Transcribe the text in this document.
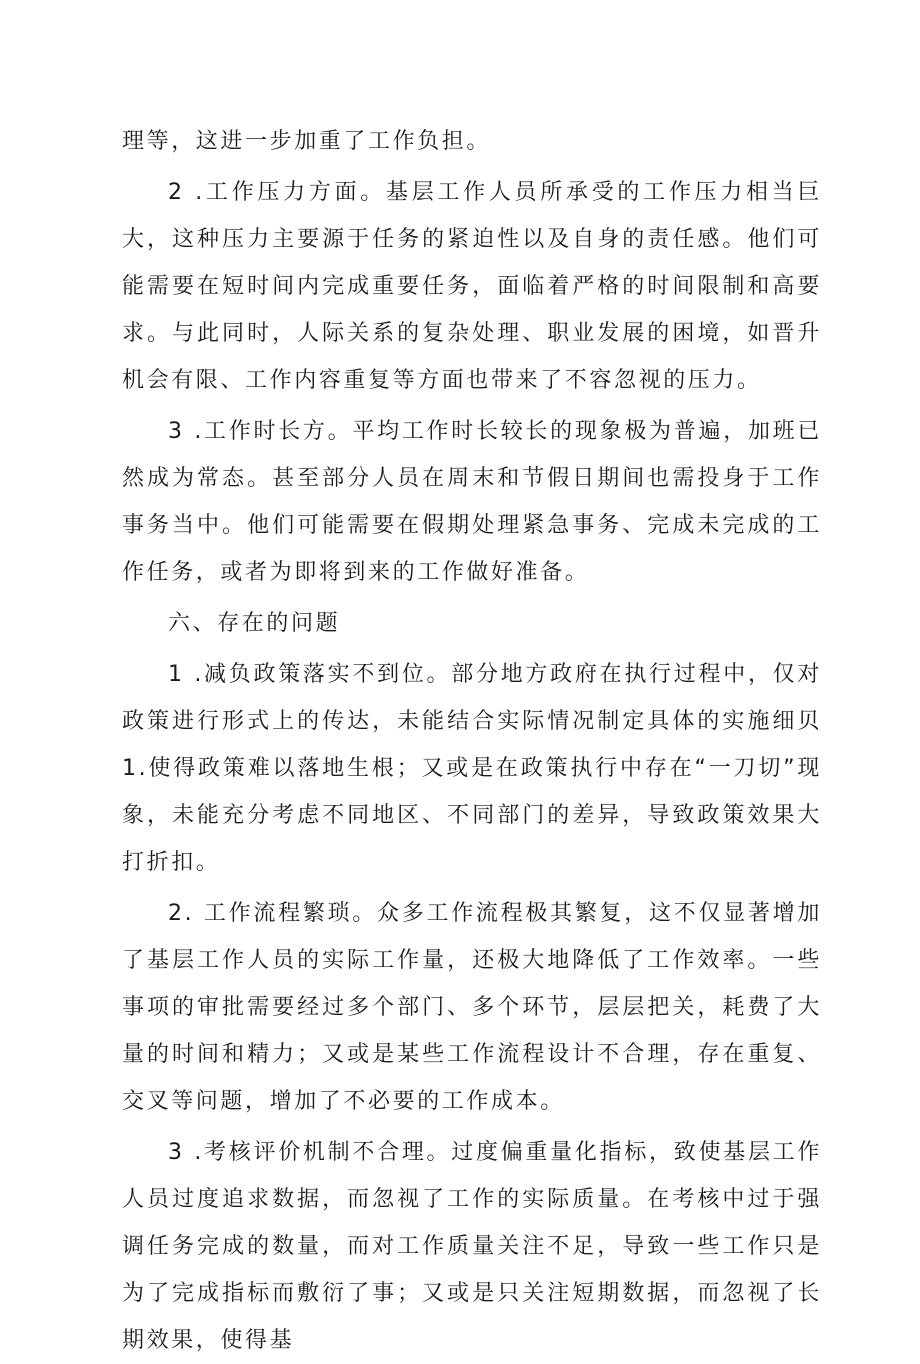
理等，这进一步加重了工作负担。

2 .工作压力方面。基层工作人员所承受的工作压力相当巨大，这种压力主要源于任务的紧迫性以及自身的责任感。他们可能需要在短时间内完成重要任务，面临着严格的时间限制和高要求。与此同时，人际关系的复杂处理、职业发展的困境，如晋升机会有限、工作内容重复等方面也带来了不容忽视的压力。

3 .工作时长方。平均工作时长较长的现象极为普遍，加班已然成为常态。甚至部分人员在周末和节假日期间也需投身于工作事务当中。他们可能需要在假期处理紧急事务、完成未完成的工作任务，或者为即将到来的工作做好准备。

六、存在的问题

1 .减负政策落实不到位。部分地方政府在执行过程中，仅对政策进行形式上的传达，未能结合实际情况制定具体的实施细贝1.使得政策难以落地生根；又或是在政策执行中存在“一刀切”现象，未能充分考虑不同地区、不同部门的差异，导致政策效果大打折扣。

2. 工作流程繁琐。众多工作流程极其繁复，这不仅显著增加了基层工作人员的实际工作量，还极大地降低了工作效率。一些事项的审批需要经过多个部门、多个环节，层层把关，耗费了大量的时间和精力；又或是某些工作流程设计不合理，存在重复、交叉等问题，增加了不必要的工作成本。

3 .考核评价机制不合理。过度偏重量化指标，致使基层工作人员过度追求数据，而忽视了工作的实际质量。在考核中过于强调任务完成的数量，而对工作质量关注不足，导致一些工作只是为了完成指标而敷衍了事；又或是只关注短期数据，而忽视了长期效果，使得基
